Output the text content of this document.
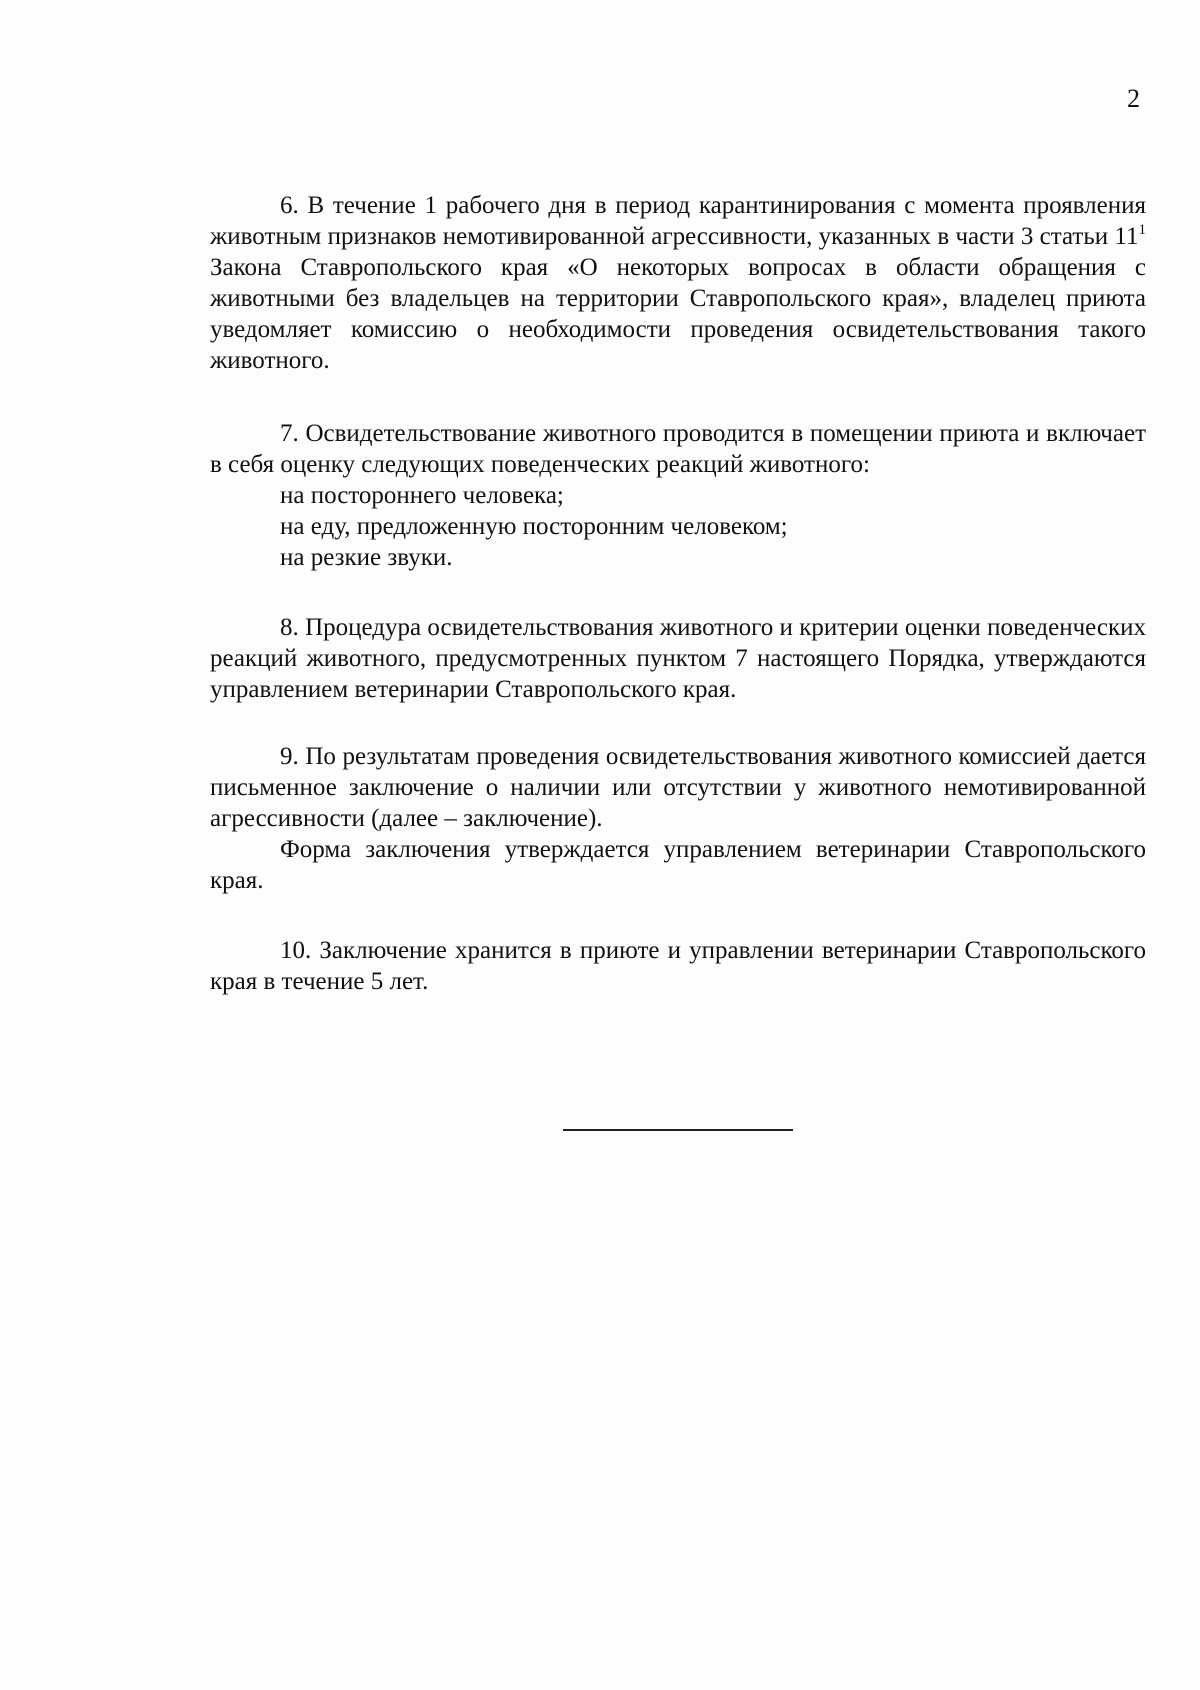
2

6. В течение 1 рабочего дня в период карантинирования с момента проявления животным признаков немотивированной агрессивности, указанных в части 3 статьи $11^1$ Закона Ставропольского края «О некоторых вопросах в области обращения с животными без владельцев на территории Ставропольского края», владелец приюта уведомляет комиссию о необходимости проведения освидетельствования такого животного.

7. Освидетельствование животного проводится в помещении приюта и включает в себя оценку следующих поведенческих реакций животного:

на постороннего человека;

на еду, предложенную посторонним человеком;

на резкие звуки.

8. Процедура освидетельствования животного и критерии оценки поведенческих реакций животного, предусмотренных пунктом 7 настоящего Порядка, утверждаются управлением ветеринарии Ставропольского края.

9. По результатам проведения освидетельствования животного комиссией дается письменное заключение о наличии или отсутствии у животного немотивированной агрессивности (далее – заключение).

Форма заключения утверждается управлением ветеринарии Ставропольского края.

10. Заключение хранится в приюте и управлении ветеринарии Ставропольского края в течение 5 лет.
